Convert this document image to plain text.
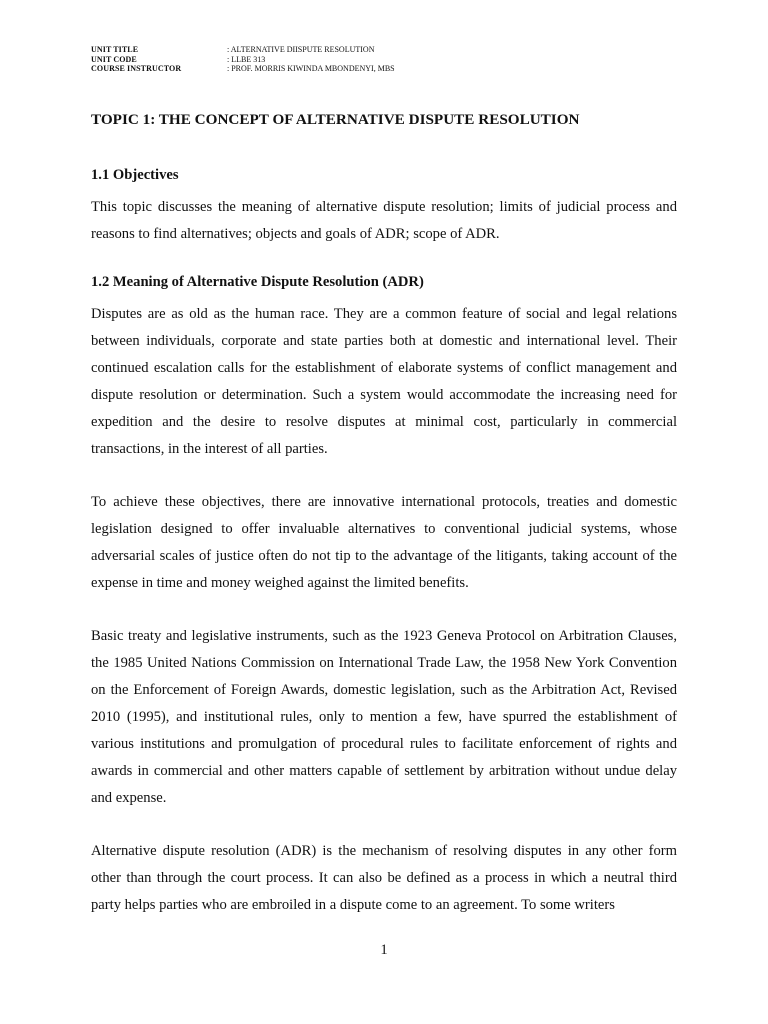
UNIT TITLE	: ALTERNATIVE DIISPUTE RESOLUTION
UNIT CODE	: LLBE 313
COURSE INSTRUCTOR	: PROF. MORRIS KIWINDA MBONDENYI, MBS
TOPIC 1: THE CONCEPT OF ALTERNATIVE DISPUTE RESOLUTION
1.1 Objectives

This topic discusses the meaning of alternative dispute resolution; limits of judicial process and reasons to find alternatives; objects and goals of ADR; scope of ADR.

1.2 Meaning of Alternative Dispute Resolution (ADR)

Disputes are as old as the human race. They are a common feature of social and legal relations between individuals, corporate and state parties both at domestic and international level. Their continued escalation calls for the establishment of elaborate systems of conflict management and dispute resolution or determination. Such a system would accommodate the increasing need for expedition and the desire to resolve disputes at minimal cost, particularly in commercial transactions, in the interest of all parties.

To achieve these objectives, there are innovative international protocols, treaties and domestic legislation designed to offer invaluable alternatives to conventional judicial systems, whose adversarial scales of justice often do not tip to the advantage of the litigants, taking account of the expense in time and money weighed against the limited benefits.

Basic treaty and legislative instruments, such as the 1923 Geneva Protocol on Arbitration Clauses, the 1985 United Nations Commission on International Trade Law, the 1958 New York Convention on the Enforcement of Foreign Awards, domestic legislation, such as the Arbitration Act, Revised 2010 (1995), and institutional rules, only to mention a few, have spurred the establishment of various institutions and promulgation of procedural rules to facilitate enforcement of rights and awards in commercial and other matters capable of settlement by arbitration without undue delay and expense.

Alternative dispute resolution (ADR) is the mechanism of resolving disputes in any other form other than through the court process. It can also be defined as a process in which a neutral third party helps parties who are embroiled in a dispute come to an agreement. To some writers

1
